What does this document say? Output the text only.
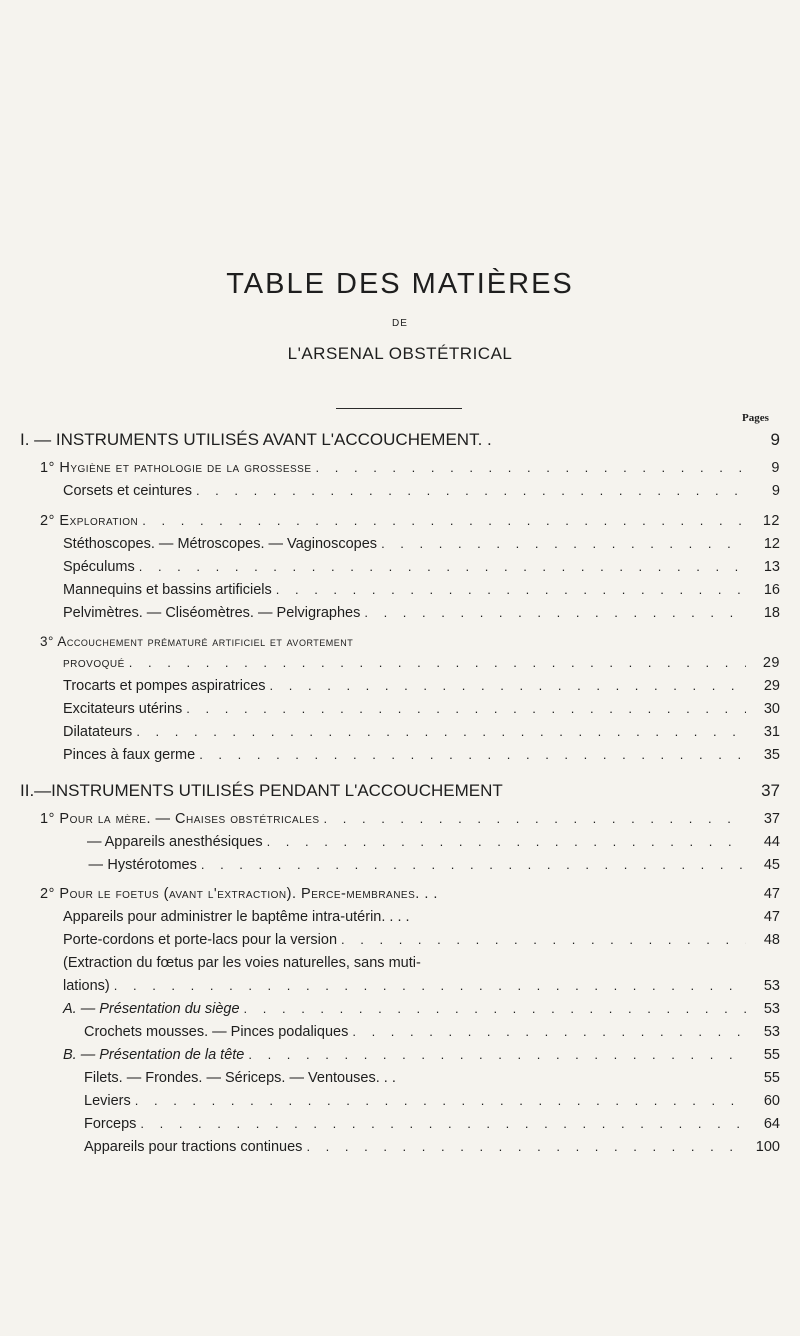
TABLE DES MATIÈRES
DE
L'ARSENAL OBSTÉTRICAL
Pages
I. — INSTRUMENTS UTILISÉS AVANT L'ACCOUCHEMENT. .	9
1° Hygiène et pathologie de la grossesse . . .	9
Corsets et ceintures . . .	9
2° Exploration . . .	12
Stéthoscopes. — Métroscopes. — Vaginoscopes . . .	12
Spéculums . . .	13
Mannequins et bassins artificiels . . .	16
Pelvimètres. — Cliséomètres. — Pelvigraphes . . .	18
3° Accouchement prématuré artificiel et avortement
provoqué . . .	29
Trocarts et pompes aspiratrices . . .	29
Excitateurs utérins . . .	30
Dilatateurs . . .	31
Pinces à faux germe . . .	35
II.—INSTRUMENTS UTILISÉS PENDANT L'ACCOUCHEMENT	37
1° Pour la mère. — Chaises obstétricales . . .	37
— Appareils anesthésiques . . .	44
— Hystérotomes . . .	45
2° Pour le foetus (avant l'extraction). Perce-membranes. . .	47
Appareils pour administrer le baptême intra-utérin. . . .	47
Porte-cordons et porte-lacs pour la version . . .	48
(Extraction du fœtus par les voies naturelles, sans muti-
lations) . . .	53
A. — Présentation du siège . . .	53
Crochets mousses. — Pinces podaliques . . .	53
B. — Présentation de la tête . . .	55
Filets. — Frondes. — Sériceps. — Ventouses. . .	55
Leviers . . .	60
Forceps . . .	64
Appareils pour tractions continues . . .	100
